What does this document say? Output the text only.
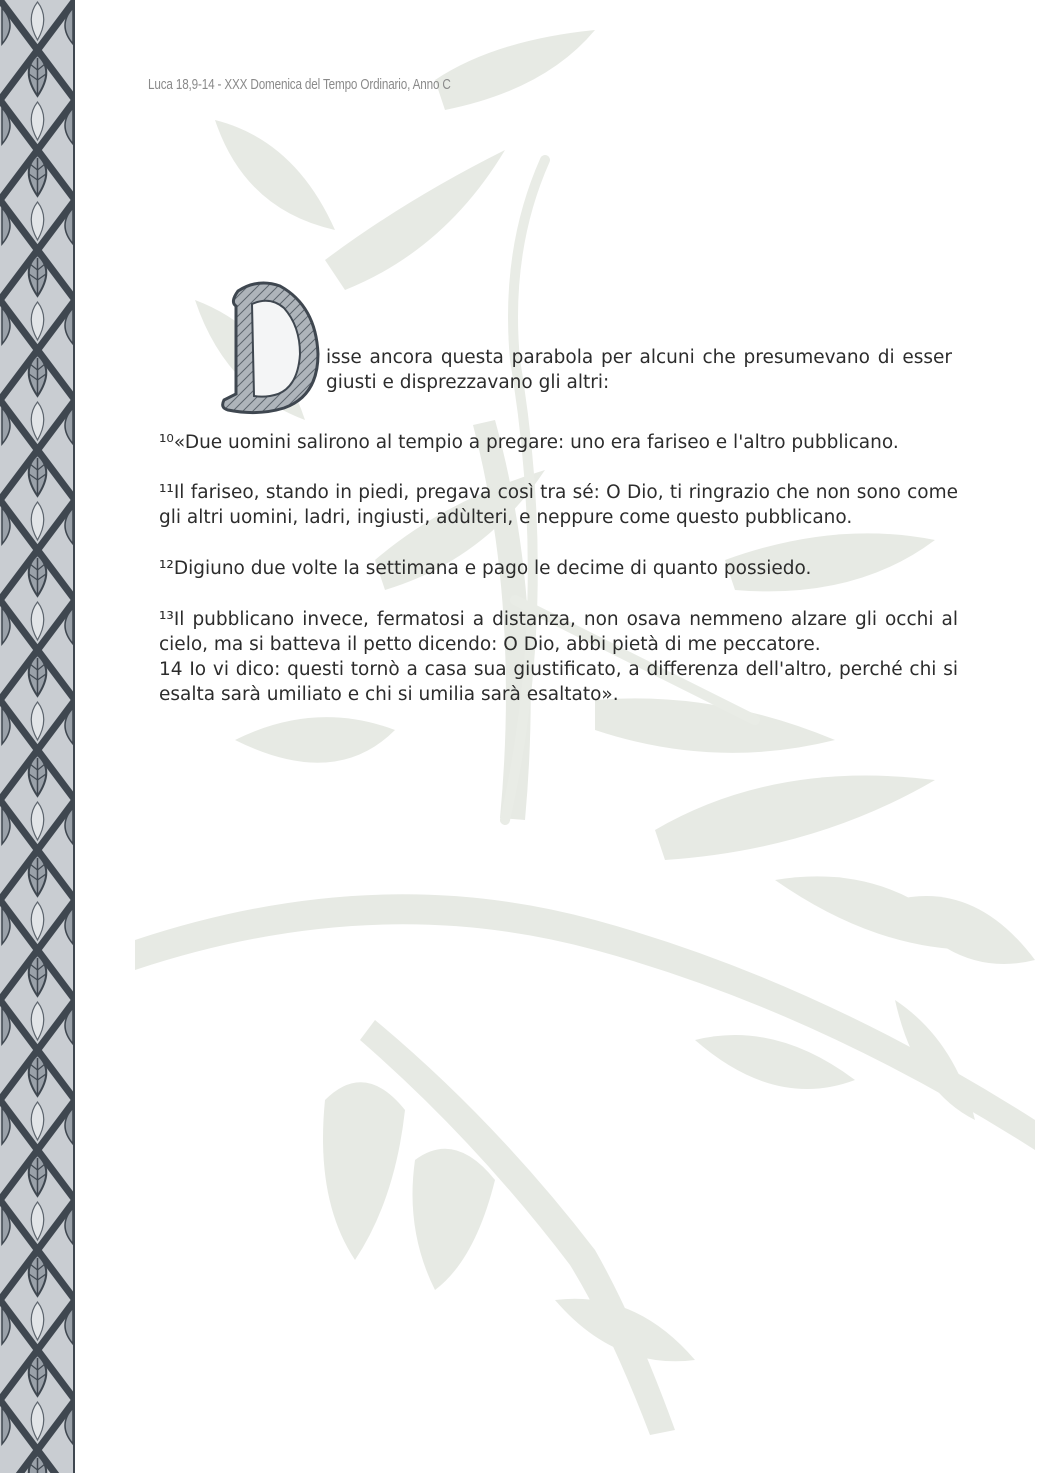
Luca 18,9-14 - XXX Domenica del Tempo Ordinario, Anno C
D
isse ancora questa parabola per alcuni che presumevano di esser giusti e disprezzavano gli altri:
¹⁰«Due uomini salirono al tempio a pregare: uno era fariseo e l'altro pubblicano.
¹¹Il fariseo, stando in piedi, pregava così tra sé: O Dio, ti ringrazio che non sono come gli altri uomini, ladri, ingiusti, adùlteri, e neppure come questo pubblicano.
¹²Digiuno due volte la settimana e pago le decime di quanto possiedo.
¹³Il pubblicano invece, fermatosi a distanza, non osava nemmeno alzare gli occhi al cielo, ma si batteva il petto dicendo: O Dio, abbi pietà di me peccatore.
14 Io vi dico: questi tornò a casa sua giustificato, a differenza dell'altro, perché chi si esalta sarà umiliato e chi si umilia sarà esaltato».
